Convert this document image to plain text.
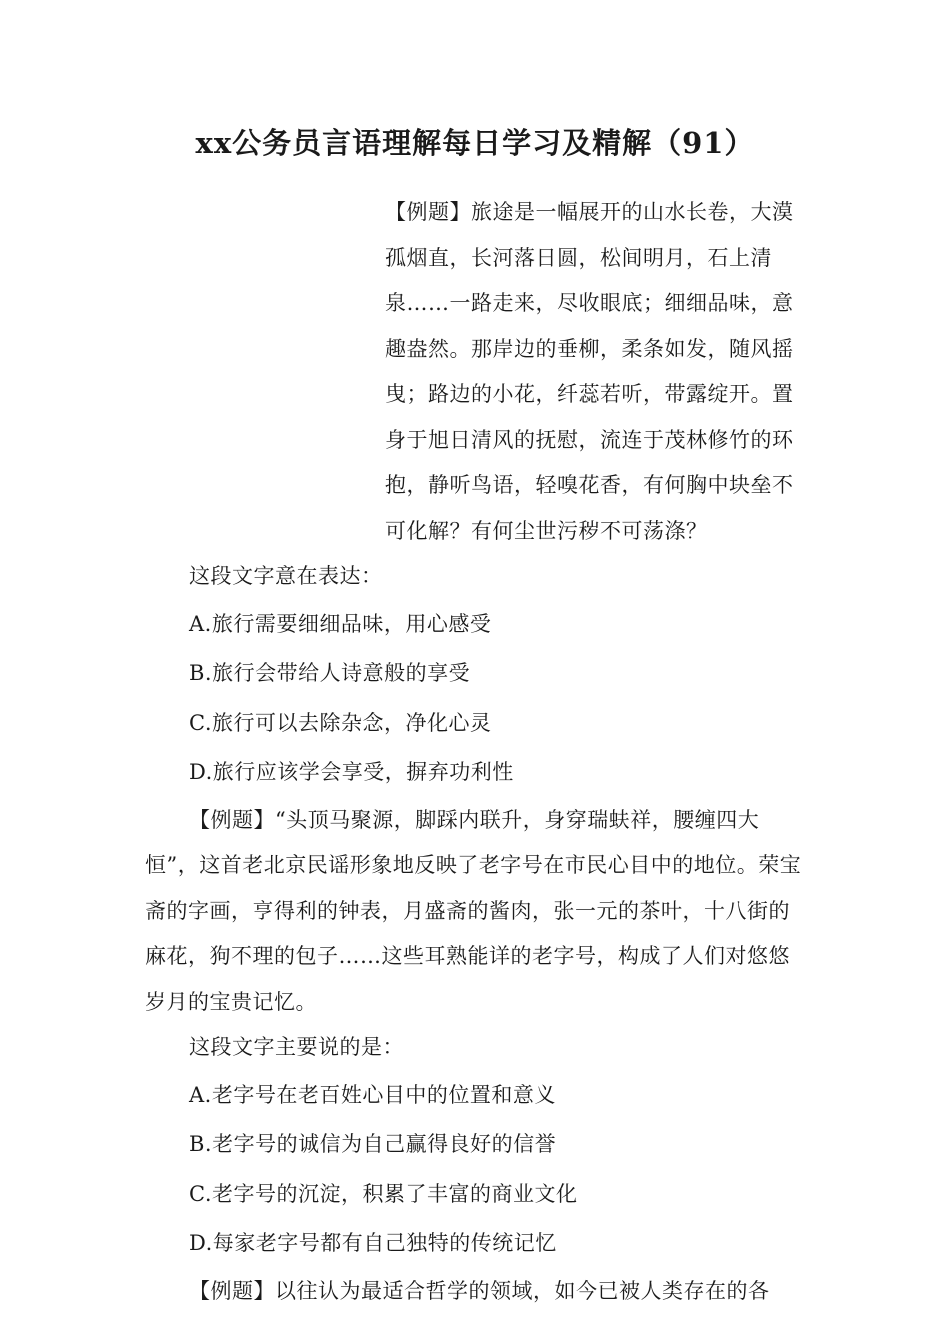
xx公务员言语理解每日学习及精解（91）

【例题】旅途是一幅展开的山水长卷，大漠孤烟直，长河落日圆，松间明月，石上清泉……一路走来，尽收眼底；细细品味，意趣盎然。那岸边的垂柳，柔条如发，随风摇曳；路边的小花，纤蕊若听，带露绽开。置身于旭日清风的抚慰，流连于茂林修竹的环抱，静听鸟语，轻嗅花香，有何胸中块垒不可化解？有何尘世污秽不可荡涤？

这段文字意在表达：

A.旅行需要细细品味，用心感受

B.旅行会带给人诗意般的享受

C.旅行可以去除杂念，净化心灵

D.旅行应该学会享受，摒弃功利性

【例题】“头顶马聚源，脚踩内联升，身穿瑞蚨祥，腰缠四大恒”，这首老北京民谣形象地反映了老字号在市民心目中的地位。荣宝斋的字画，亨得利的钟表，月盛斋的酱肉，张一元的茶叶，十八街的麻花，狗不理的包子……这些耳熟能详的老字号，构成了人们对悠悠岁月的宝贵记忆。

这段文字主要说的是：

A.老字号在老百姓心目中的位置和意义

B.老字号的诚信为自己赢得良好的信誉

C.老字号的沉淀，积累了丰富的商业文化

D.每家老字号都有自己独特的传统记忆

【例题】以往认为最适合哲学的领域，如今已被人类存在的各
